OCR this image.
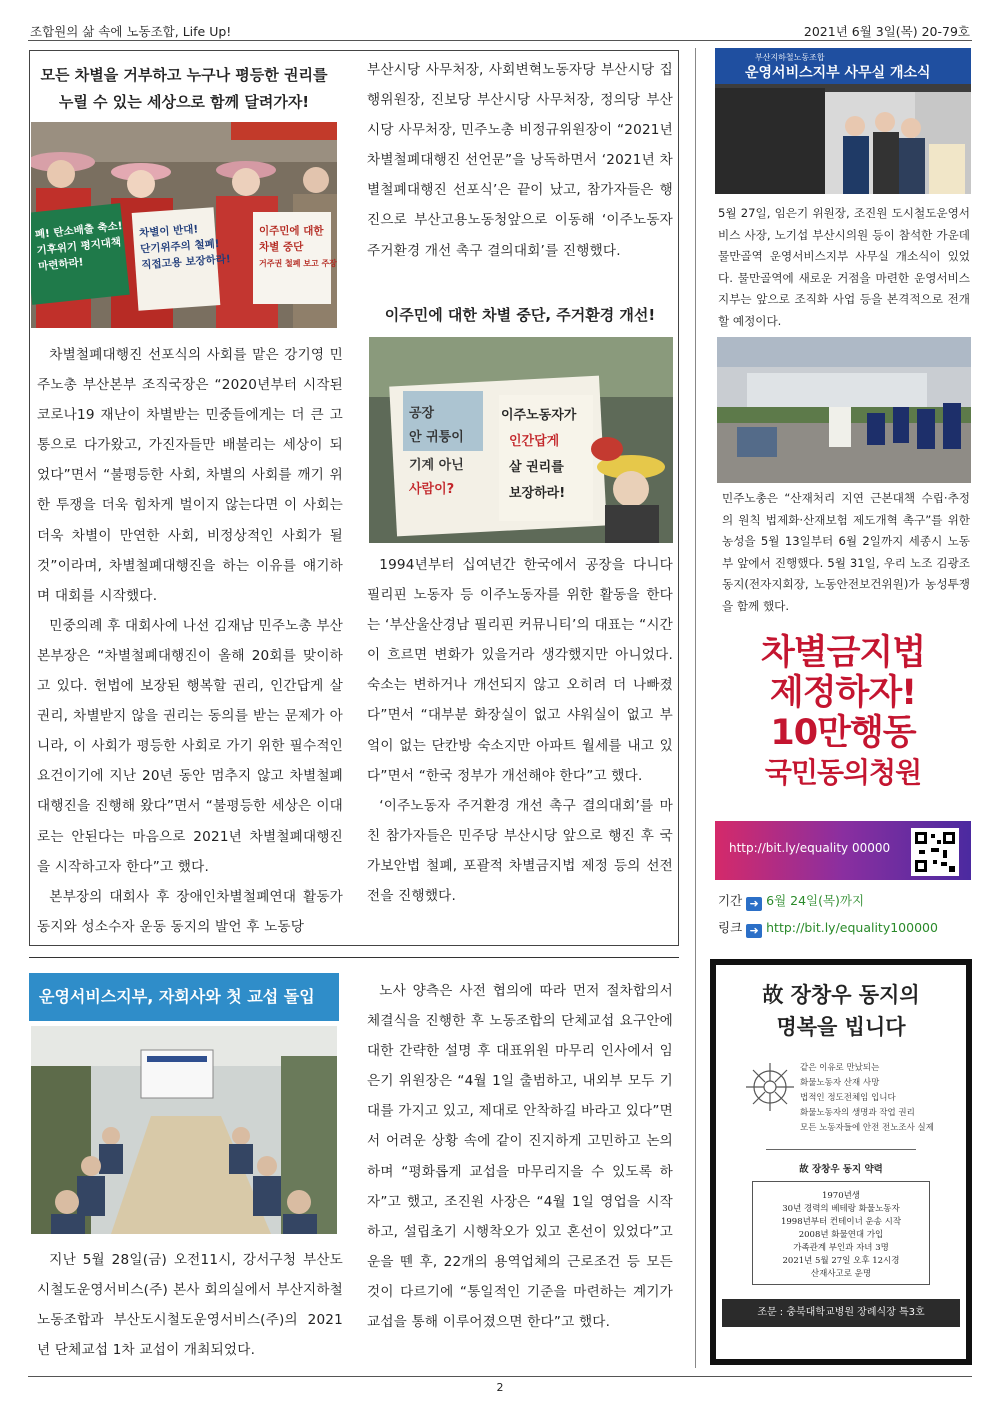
조합원의 삶 속에 노동조합, Life Up!	2021년 6월 3일(목) 20-79호
모든 차별을 거부하고 누구나 평등한 권리를
누릴 수 있는 세상으로 함께 달려가자!
폐! 탄소배출 축소! 기후위기 평지대책 마련하라!
차별이 반대! 단기위주의 철폐! 직접고용 보장하라!
이주민에 대한 차별 중단 거주권 철폐 보고 주장

차별철폐대행진 선포식의 사회를 맡은 강기영 민주노총 부산본부 조직국장은 “2020년부터 시작된 코로나19 재난이 차별받는 민중들에게는 더 큰 고통으로 다가왔고, 가진자들만 배불리는 세상이 되었다”면서 “불평등한 사회, 차별의 사회를 깨기 위한 투쟁을 더욱 힘차게 벌이지 않는다면 이 사회는 더욱 차별이 만연한 사회, 비정상적인 사회가 될 것”이라며, 차별철폐대행진을 하는 이유를 얘기하며 대회를 시작했다.

민중의례 후 대회사에 나선 김재남 민주노총 부산본부장은 “차별철폐대행진이 올해 20회를 맞이하고 있다. 헌법에 보장된 행복할 권리, 인간답게 살 권리, 차별받지 않을 권리는 동의를 받는 문제가 아니라, 이 사회가 평등한 사회로 가기 위한 필수적인 요건이기에 지난 20년 동안 멈추지 않고 차별철폐대행진을 진행해 왔다”면서 “불평등한 세상은 이대로는 안된다는 마음으로 2021년 차별철폐대행진을 시작하고자 한다”고 했다.

본부장의 대회사 후 장애인차별철폐연대 활동가 동지와 성소수자 운동 동지의 발언 후 노동당

부산시당 사무처장, 사회변혁노동자당 부산시당 집행위원장, 진보당 부산시당 사무처장, 정의당 부산시당 사무처장, 민주노총 비정규위원장이 “2021년 차별철폐대행진 선언문”을 낭독하면서 ‘2021년 차별철폐대행진 선포식’은 끝이 났고, 참가자들은 행진으로 부산고용노동청앞으로 이동해 ‘이주노동자 주거환경 개선 촉구 결의대회’를 진행했다.

이주민에 대한 차별 중단, 주거환경 개선!
공장 안 귀퉁이 기계 아닌 사람이?
이주노동자가 인간답게 살 권리를 보장하라!

1994년부터 십여년간 한국에서 공장을 다니다 필리핀 노동자 등 이주노동자를 위한 활동을 한다는 ‘부산울산경남 필리핀 커뮤니티’의 대표는 “시간이 흐르면 변화가 있을거라 생각했지만 아니었다. 숙소는 변하거나 개선되지 않고 오히려 더 나빠졌다”면서 “대부분 화장실이 없고 샤워실이 없고 부엌이 없는 단칸방 숙소지만 아파트 월세를 내고 있다”면서 “한국 정부가 개선해야 한다”고 했다.

‘이주노동자 주거환경 개선 촉구 결의대회’를 마친 참가자들은 민주당 부산시당 앞으로 행진 후 국가보안법 철폐, 포괄적 차별금지법 제정 등의 선전전을 진행했다.

부산지하철노동조합
운영서비스지부 사무실 개소식
5월 27일, 임은기 위원장, 조진원 도시철도운영서비스 사장, 노기섭 부산시의원 등이 참석한 가운데 물만골역 운영서비스지부 사무실 개소식이 있었다. 물만골역에 새로운 거점을 마련한 운영서비스지부는 앞으로 조직화 사업 등을 본격적으로 전개할 예정이다.
민주노총은 “산재처리 지연 근본대책 수립·추정의 원칙 법제화·산재보험 제도개혁 촉구”를 위한 농성을 5월 13일부터 6월 2일까지 세종시 노동부 앞에서 진행했다. 5월 31일, 우리 노조 김광조 동지(전자지회장, 노동안전보건위원)가 농성투쟁을 함께 했다.
차별금지법
제정하자!
10만행동
국민동의청원
http://bit.ly/equality 00000
기간 ➜ 6월 24일(목)까지
링크 ➜ http://bit.ly/equality100000
故 장창우 동지의
명복을 빕니다
같은 이유로 만났되는
화물노동자 산재 사망
법적인 정도전체임 입니다
화물노동자의 생명과 작업 권리
모든 노동자들에 안전 전노조사 실제
故 장창우 동지 약력
1970년생
30년 경력의 베테랑 화물노동자
1998년부터 컨테이너 운송 시작
2008년 화물연대 가입
가족관계 부인과 자녀 3명
2021년 5월 27일 오후 12시경
산재사고로 운명
조문 : 충북대학교병원 장례식장 특3호
운영서비스지부, 자회사와 첫 교섭 돌입

지난 5월 28일(금) 오전11시, 강서구청 부산도시철도운영서비스(주) 본사 회의실에서 부산지하철노동조합과 부산도시철도운영서비스(주)의 2021년 단체교섭 1차 교섭이 개최되었다.

노사 양측은 사전 협의에 따라 먼저 절차합의서 체결식을 진행한 후 노동조합의 단체교섭 요구안에 대한 간략한 설명 후 대표위원 마무리 인사에서 임은기 위원장은 “4월 1일 출범하고, 내외부 모두 기대를 가지고 있고, 제대로 안착하길 바라고 있다”면서 어려운 상황 속에 같이 진지하게 고민하고 논의하며 “평화롭게 교섭을 마무리지을 수 있도록 하자”고 했고, 조진원 사장은 “4월 1일 영업을 시작하고, 설립초기 시행착오가 있고 혼선이 있었다”고 운을 뗀 후, 22개의 용역업체의 근로조건 등 모든 것이 다르기에 “통일적인 기준을 마련하는 계기가 교섭을 통해 이루어졌으면 한다”고 했다.

2
